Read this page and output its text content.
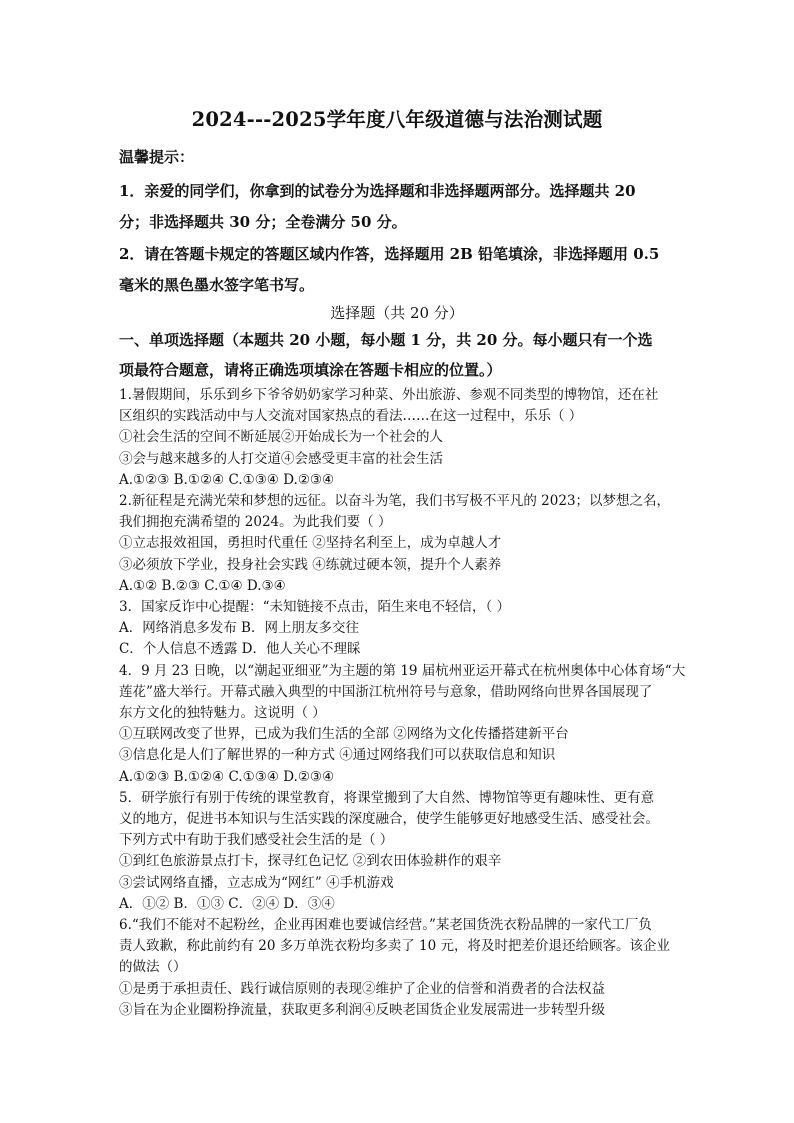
2024---2025学年度八年级道德与法治测试题
温馨提示：
1．亲爱的同学们，你拿到的试卷分为选择题和非选择题两部分。选择题共 20
分；非选择题共 30 分；全卷满分 50 分。
2．请在答题卡规定的答题区域内作答，选择题用 2B 铅笔填涂，非选择题用 0.5
毫米的黑色墨水签字笔书写。
选择题（共 20 分）
一、单项选择题（本题共 20 小题，每小题 1 分，共 20 分。每小题只有一个选
项最符合题意，请将正确选项填涂在答题卡相应的位置。）
1.暑假期间，乐乐到乡下爷爷奶奶家学习种菜、外出旅游、参观不同类型的博物馆，还在社
区组织的实践活动中与人交流对国家热点的看法……在这一过程中，乐乐（ ）
①社会生活的空间不断延展②开始成长为一个社会的人
③会与越来越多的人打交道④会感受更丰富的社会生活
A.①②③ B.①②④ C.①③④ D.②③④
2.新征程是充满光荣和梦想的远征。以奋斗为笔，我们书写极不平凡的 2023；以梦想之名，
我们拥抱充满希望的 2024。为此我们要（ ）
①立志报效祖国，勇担时代重任 ②坚持名利至上，成为卓越人才
③必须放下学业，投身社会实践 ④练就过硬本领，提升个人素养
A.①② B.②③ C.①④ D.③④
3．国家反诈中心提醒：“未知链接不点击，陌生来电不轻信，（ ）
A．网络消息多发布 B．网上朋友多交往
C．个人信息不透露 D．他人关心不理睬
4．9 月 23 日晚，以“潮起亚细亚”为主题的第 19 届杭州亚运开幕式在杭州奥体中心体育场“大
莲花”盛大举行。开幕式融入典型的中国浙江杭州符号与意象，借助网络向世界各国展现了
东方文化的独特魅力。这说明（ ）
①互联网改变了世界，已成为我们生活的全部 ②网络为文化传播搭建新平台
③信息化是人们了解世界的一种方式 ④通过网络我们可以获取信息和知识
A.①②③ B.①②④ C.①③④ D.②③④
5．研学旅行有别于传统的课堂教育，将课堂搬到了大自然、博物馆等更有趣味性、更有意
义的地方，促进书本知识与生活实践的深度融合，使学生能够更好地感受生活、感受社会。
下列方式中有助于我们感受社会生活的是（ ）
①到红色旅游景点打卡，探寻红色记忆 ②到农田体验耕作的艰辛
③尝试网络直播，立志成为“网红” ④手机游戏
A．①② B．①③ C．②④ D．③④
6.“我们不能对不起粉丝，企业再困难也要诚信经营。”某老国货洗衣粉品牌的一家代工厂负
责人致歉，称此前约有 20 多万单洗衣粉均多卖了 10 元，将及时把差价退还给顾客。该企业
的做法（）
①是勇于承担责任、践行诚信原则的表现②维护了企业的信誉和消费者的合法权益
③旨在为企业圈粉挣流量，获取更多利润④反映老国货企业发展需进一步转型升级
